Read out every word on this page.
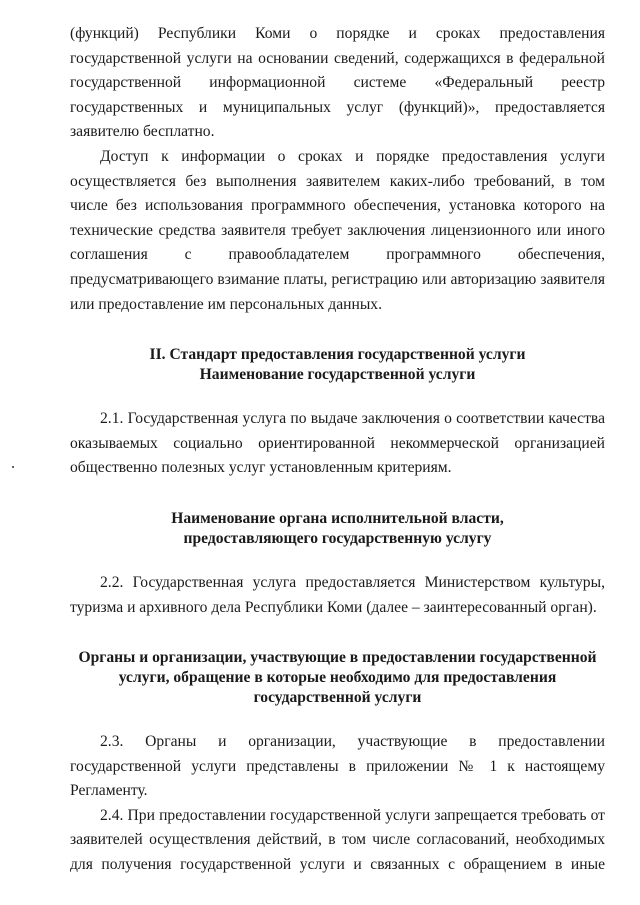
(функций) Республики Коми о порядке и сроках предоставления государственной услуги на основании сведений, содержащихся в федеральной государственной информационной системе «Федеральный реестр государственных и муниципальных услуг (функций)», предоставляется заявителю бесплатно.

Доступ к информации о сроках и порядке предоставления услуги осуществляется без выполнения заявителем каких-либо требований, в том числе без использования программного обеспечения, установка которого на технические средства заявителя требует заключения лицензионного или иного соглашения с правообладателем программного обеспечения, предусматривающего взимание платы, регистрацию или авторизацию заявителя или предоставление им персональных данных.

II. Стандарт предоставления государственной услуги

Наименование государственной услуги

2.1. Государственная услуга по выдаче заключения о соответствии качества оказываемых социально ориентированной некоммерческой организацией общественно полезных услуг установленным критериям.

Наименование органа исполнительной власти,

предоставляющего государственную услугу

2.2. Государственная услуга предоставляется Министерством культуры, туризма и архивного дела Республики Коми (далее – заинтересованный орган).

Органы и организации, участвующие в предоставлении государственной

услуги, обращение в которые необходимо для предоставления

государственной услуги

2.3. Органы и организации, участвующие в предоставлении государственной услуги представлены в приложении № 1 к настоящему Регламенту.

2.4. При предоставлении государственной услуги запрещается требовать от заявителей осуществления действий, в том числе согласований, необходимых для получения государственной услуги и связанных с обращением в иные
